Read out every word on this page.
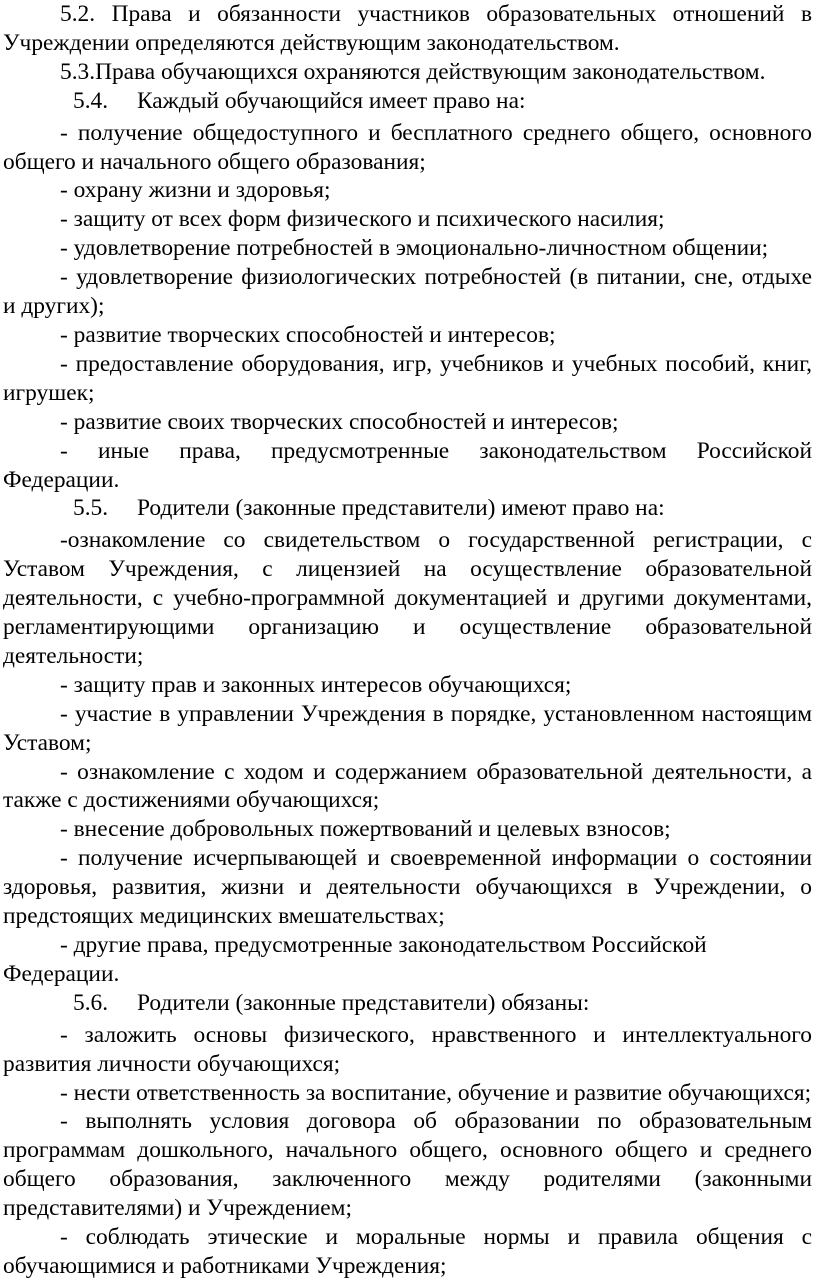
5.2. Права и обязанности участников образовательных отношений в Учреждении определяются действующим законодательством.

5.3.Права обучающихся охраняются действующим законодательством.

5.4. Каждый обучающийся имеет право на:

- получение общедоступного и бесплатного среднего общего, основного общего и начального общего образования;

- охрану жизни и здоровья;

- защиту от всех форм физического и психического насилия;

- удовлетворение потребностей в эмоционально-личностном общении;

- удовлетворение физиологических потребностей (в питании, сне, отдыхе и других);

- развитие творческих способностей и интересов;

- предоставление оборудования, игр, учебников и учебных пособий, книг, игрушек;

- развитие своих творческих способностей и интересов;

- иные права, предусмотренные законодательством Российской Федерации.

5.5. Родители (законные представители) имеют право на:

-ознакомление со свидетельством о государственной регистрации, с Уставом Учреждения, с лицензией на осуществление образовательной деятельности, с учебно-программной документацией и другими документами, регламентирующими организацию и осуществление образовательной деятельности;

- защиту прав и законных интересов обучающихся;

- участие в управлении Учреждения в порядке, установленном настоящим Уставом;

- ознакомление с ходом и содержанием образовательной деятельности, а также с достижениями обучающихся;

- внесение добровольных пожертвований и целевых взносов;

- получение исчерпывающей и своевременной информации о состоянии здоровья, развития, жизни и деятельности обучающихся в Учреждении, о предстоящих медицинских вмешательствах;

- другие права, предусмотренные законодательством Российской Федерации.

5.6. Родители (законные представители) обязаны:

- заложить основы физического, нравственного и интеллектуального развития личности обучающихся;

- нести ответственность за воспитание, обучение и развитие обучающихся;

- выполнять условия договора об образовании по образовательным программам дошкольного, начального общего, основного общего и среднего общего образования, заключенного между родителями (законными представителями) и Учреждением;

- соблюдать этические и моральные нормы и правила общения с обучающимися и работниками Учреждения;
